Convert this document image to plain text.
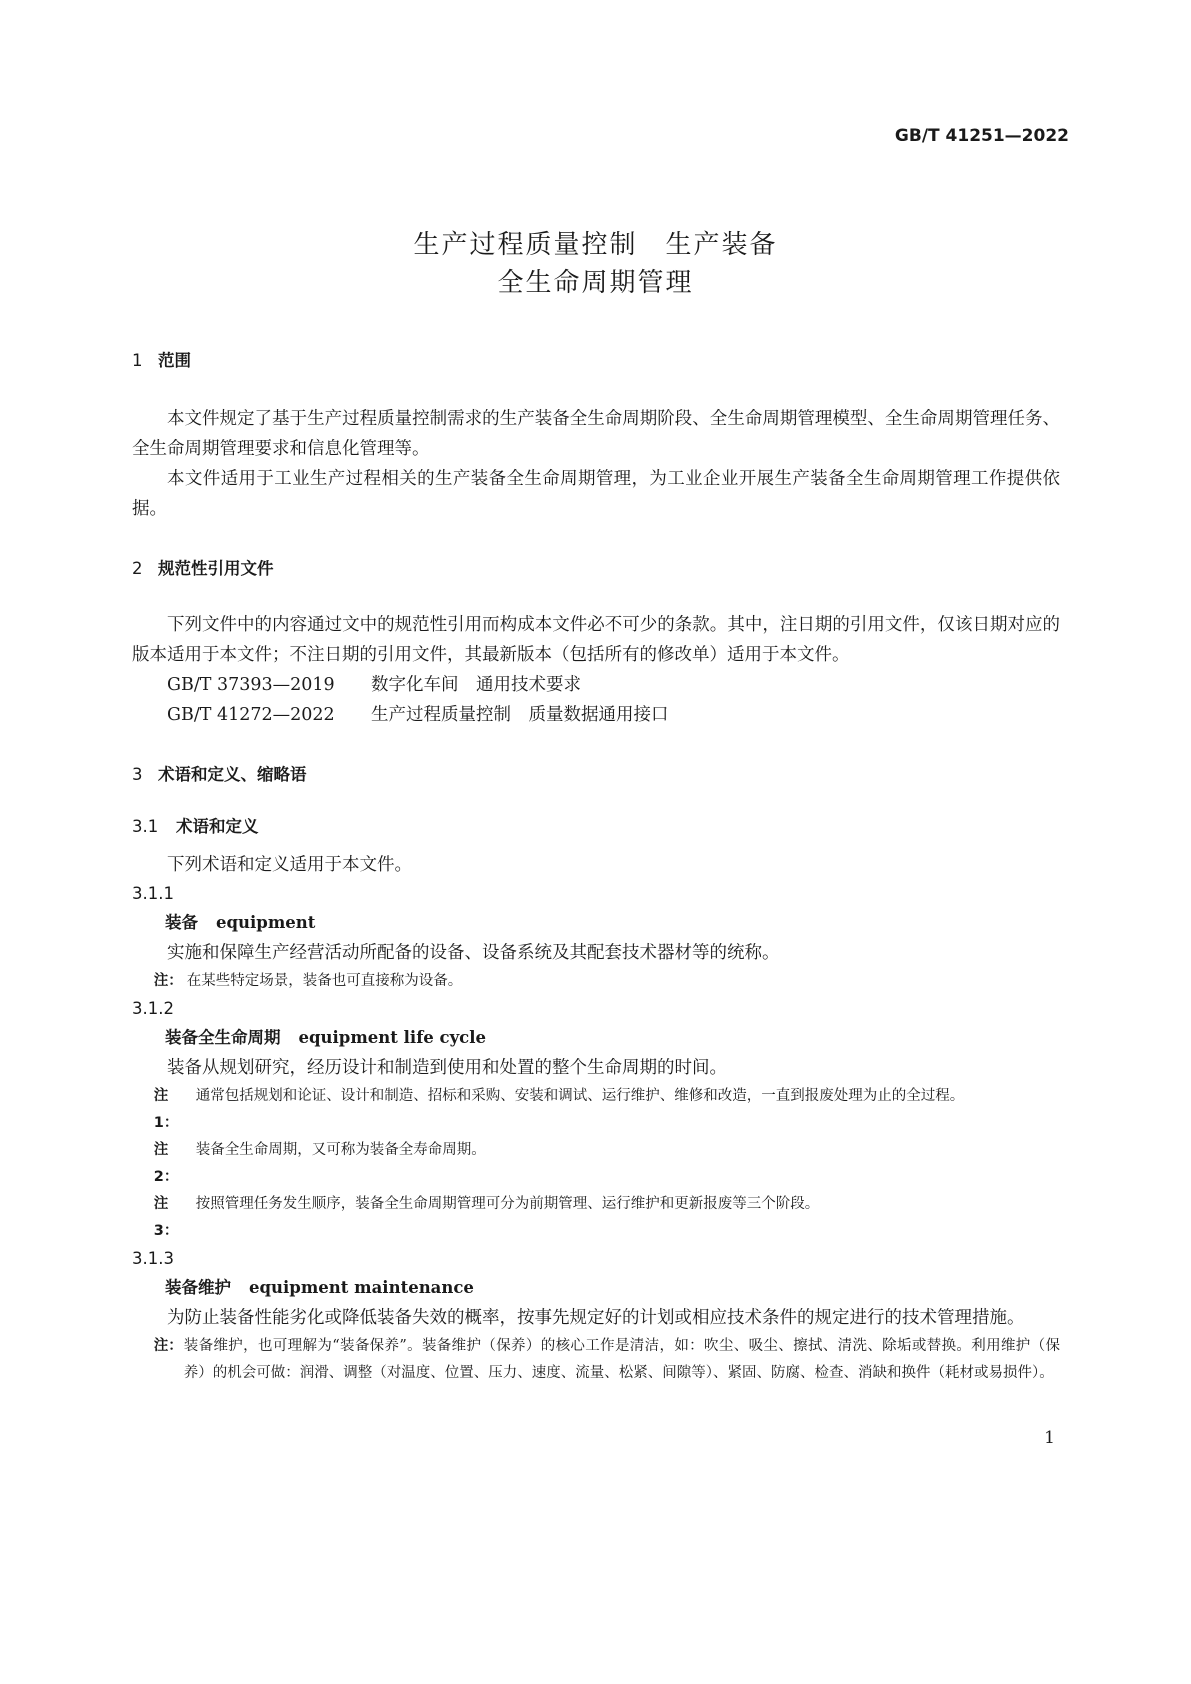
GB/T 41251—2022

生产过程质量控制　生产装备
全生命周期管理
1 范围

本文件规定了基于生产过程质量控制需求的生产装备全生命周期阶段、全生命周期管理模型、全生命周期管理任务、全生命周期管理要求和信息化管理等。

本文件适用于工业生产过程相关的生产装备全生命周期管理，为工业企业开展生产装备全生命周期管理工作提供依据。

2 规范性引用文件

下列文件中的内容通过文中的规范性引用而构成本文件必不可少的条款。其中，注日期的引用文件，仅该日期对应的版本适用于本文件；不注日期的引用文件，其最新版本（包括所有的修改单）适用于本文件。

GB/T 37393—2019 数字化车间　通用技术要求

GB/T 41272—2022 生产过程质量控制　质量数据通用接口

3 术语和定义、缩略语
3.1 术语和定义

下列术语和定义适用于本文件。

3.1.1
装备 equipment

实施和保障生产经营活动所配备的设备、设备系统及其配套技术器材等的统称。

注： 在某些特定场景，装备也可直接称为设备。

3.1.2
装备全生命周期 equipment life cycle

装备从规划研究，经历设计和制造到使用和处置的整个生命周期的时间。

注 1：
通常包括规划和论证、设计和制造、招标和采购、安装和调试、运行维护、维修和改造，一直到报废处理为止的全过程。
注 2：
装备全生命周期，又可称为装备全寿命周期。
注 3：
按照管理任务发生顺序，装备全生命周期管理可分为前期管理、运行维护和更新报废等三个阶段。
3.1.3
装备维护 equipment maintenance

为防止装备性能劣化或降低装备失效的概率，按事先规定好的计划或相应技术条件的规定进行的技术管理措施。

注： 装备维护，也可理解为“装备保养”。装备维护（保养）的核心工作是清洁，如：吹尘、吸尘、擦拭、清洗、除垢或替换。利用维护（保养）的机会可做：润滑、调整（对温度、位置、压力、速度、流量、松紧、间隙等）、紧固、防腐、检查、消缺和换件（耗材或易损件）。

1
